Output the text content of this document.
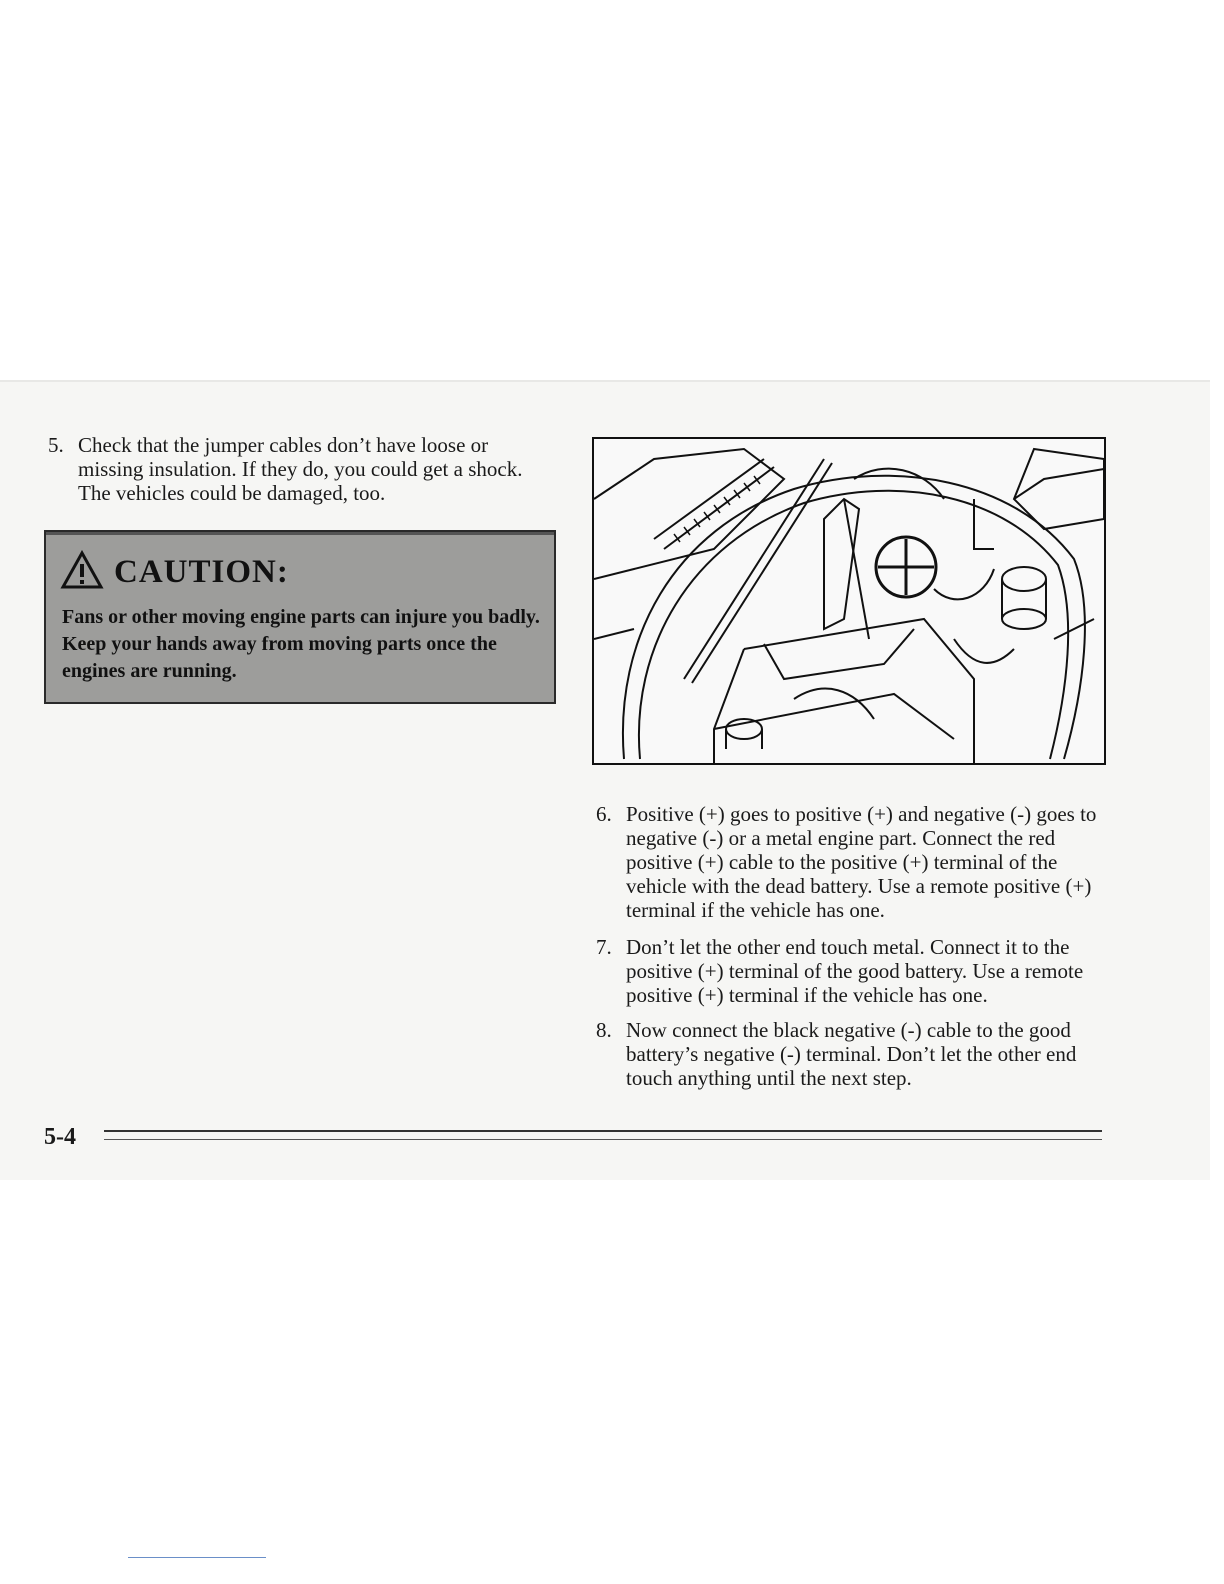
5. Check that the jumper cables don’t have loose or missing insulation. If they do, you could get a shock. The vehicles could be damaged, too.
CAUTION:
Fans or other moving engine parts can injure you badly. Keep your hands away from moving parts once the engines are running.
6. Positive (+) goes to positive (+) and negative (-) goes to negative (-) or a metal engine part. Connect the red positive (+) cable to the positive (+) terminal of the vehicle with the dead battery. Use a remote positive (+) terminal if the vehicle has one.
7. Don’t let the other end touch metal. Connect it to the positive (+) terminal of the good battery. Use a remote positive (+) terminal if the vehicle has one.
8. Now connect the black negative (-) cable to the good battery’s negative (-) terminal. Don’t let the other end touch anything until the next step.
5-4
